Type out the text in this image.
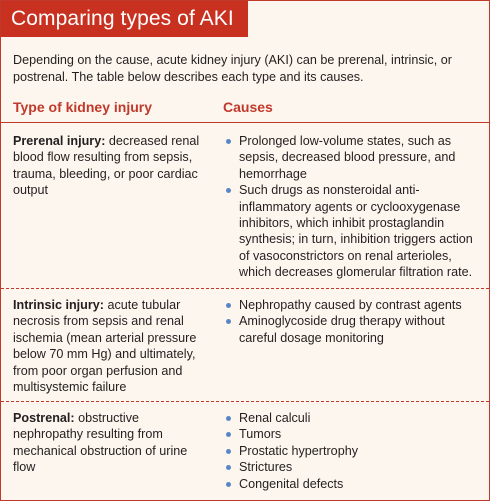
Comparing types of AKI
Depending on the cause, acute kidney injury (AKI) can be prerenal, intrinsic, or postrenal. The table below describes each type and its causes.
Type of kidney injury	Causes
Prerenal injury: decreased renal blood flow resulting from sepsis, trauma, bleeding, or poor cardiac output
Prolonged low-volume states, such as sepsis, decreased blood pressure, and hemorrhage
Such drugs as nonsteroidal anti-inflammatory agents or cyclooxygenase inhibitors, which inhibit prostaglandin synthesis; in turn, inhibition triggers action of vasoconstrictors on renal arterioles, which decreases glomerular filtration rate.
Intrinsic injury: acute tubular necrosis from sepsis and renal ischemia (mean arterial pressure below 70 mm Hg) and ultimately, from poor organ perfusion and multisystemic failure
Nephropathy caused by contrast agents
Aminoglycoside drug therapy without careful dosage monitoring
Postrenal: obstructive nephropathy resulting from mechanical obstruction of urine flow
Renal calculi
Tumors
Prostatic hypertrophy
Strictures
Congenital defects
